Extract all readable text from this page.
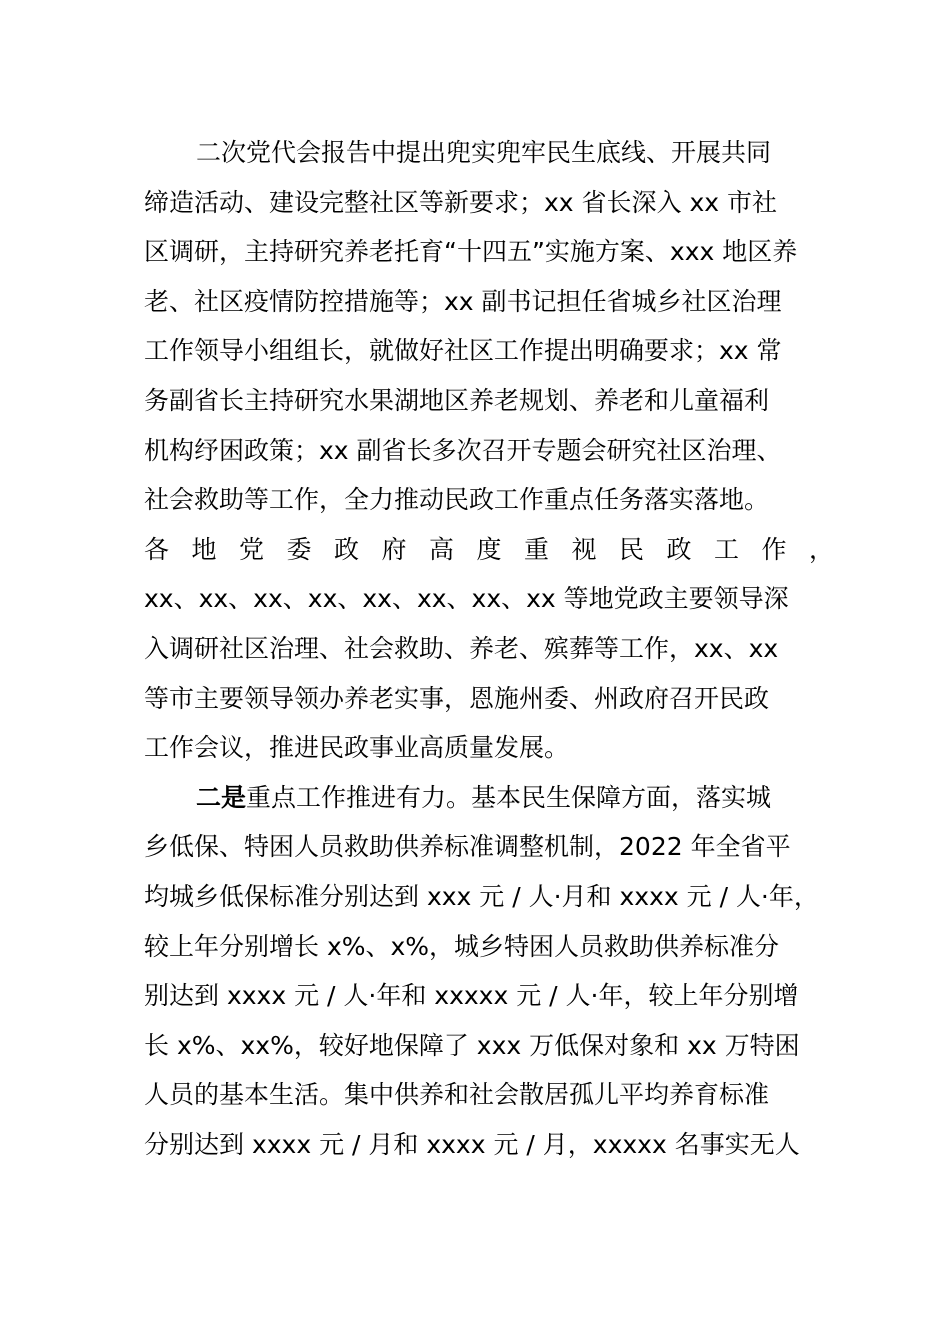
二次党代会报告中提出兜实兜牢民生底线、开展共同
缔造活动、建设完整社区等新要求；xx 省长深入 xx 市社
区调研，主持研究养老托育“十四五”实施方案、xxx 地区养
老、社区疫情防控措施等；xx 副书记担任省城乡社区治理
工作领导小组组长，就做好社区工作提出明确要求；xx 常
务副省长主持研究水果湖地区养老规划、养老和儿童福利
机构纾困政策；xx 副省长多次召开专题会研究社区治理、
社会救助等工作，全力推动民政工作重点任务落实落地。
各 地 党 委 政 府 高 度 重 视 民 政 工 作 ，
xx、xx、xx、xx、xx、xx、xx、xx 等地党政主要领导深
入调研社区治理、社会救助、养老、殡葬等工作，xx、xx
等市主要领导领办养老实事，恩施州委、州政府召开民政
工作会议，推进民政事业高质量发展。
二是重点工作推进有力。基本民生保障方面，落实城
乡低保、特困人员救助供养标准调整机制，2022 年全省平
均城乡低保标准分别达到 xxx 元 / 人·月和 xxxx 元 / 人·年，
较上年分别增长 x%、x%，城乡特困人员救助供养标准分
别达到 xxxx 元 / 人·年和 xxxxx 元 / 人·年，较上年分别增
长 x%、xx%，较好地保障了 xxx 万低保对象和 xx 万特困
人员的基本生活。集中供养和社会散居孤儿平均养育标准
分别达到 xxxx 元 / 月和 xxxx 元 / 月，xxxxx 名事实无人
